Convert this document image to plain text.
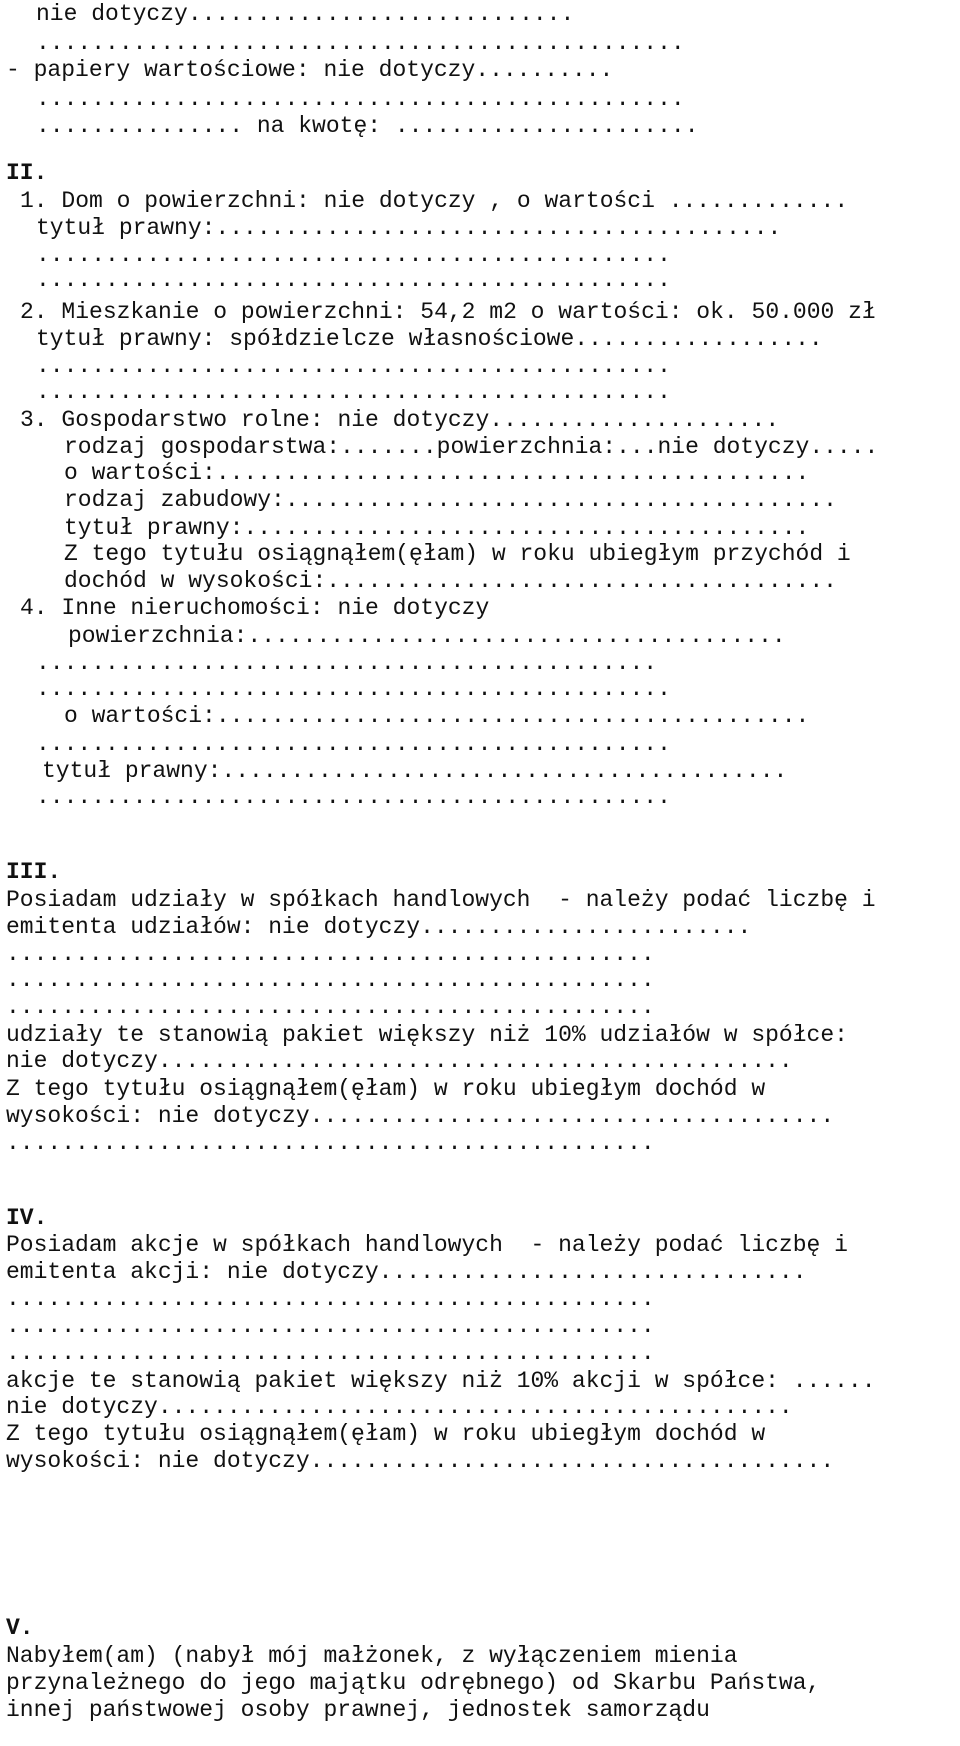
nie dotyczy............................
...............................................
- papiery wartościowe: nie dotyczy..........
...............................................
............... na kwotę: ......................
II.
1. Dom o powierzchni: nie dotyczy , o wartości .............
tytuł prawny:.........................................
..............................................
..............................................
2. Mieszkanie o powierzchni: 54,2 m2 o wartości: ok. 50.000 zł
tytuł prawny: spółdzielcze własnościowe..................
..............................................
..............................................
3. Gospodarstwo rolne: nie dotyczy.....................
rodzaj gospodarstwa:.......powierzchnia:...nie dotyczy.....
o wartości:...........................................
rodzaj zabudowy:........................................
tytuł prawny:.........................................
Z tego tytułu osiągnąłem(ęłam) w roku ubiegłym przychód i
dochód w wysokości:.....................................
4. Inne nieruchomości: nie dotyczy
powierzchnia:.......................................
.............................................
..............................................
o wartości:...........................................
..............................................
tytuł prawny:.........................................
..............................................
III.
Posiadam udziały w spółkach handlowych  - należy podać liczbę i
emitenta udziałów: nie dotyczy........................
...............................................
...............................................
...............................................
udziały te stanowią pakiet większy niż 10% udziałów w spółce:
nie dotyczy..............................................
Z tego tytułu osiągnąłem(ęłam) w roku ubiegłym dochód w
wysokości: nie dotyczy......................................
...............................................
IV.
Posiadam akcje w spółkach handlowych  - należy podać liczbę i
emitenta akcji: nie dotyczy...............................
...............................................
...............................................
...............................................
akcje te stanowią pakiet większy niż 10% akcji w spółce: ......
nie dotyczy..............................................
Z tego tytułu osiągnąłem(ęłam) w roku ubiegłym dochód w
wysokości: nie dotyczy......................................
V.
Nabyłem(am) (nabył mój małżonek, z wyłączeniem mienia
przynależnego do jego majątku odrębnego) od Skarbu Państwa,
innej państwowej osoby prawnej, jednostek samorządu
